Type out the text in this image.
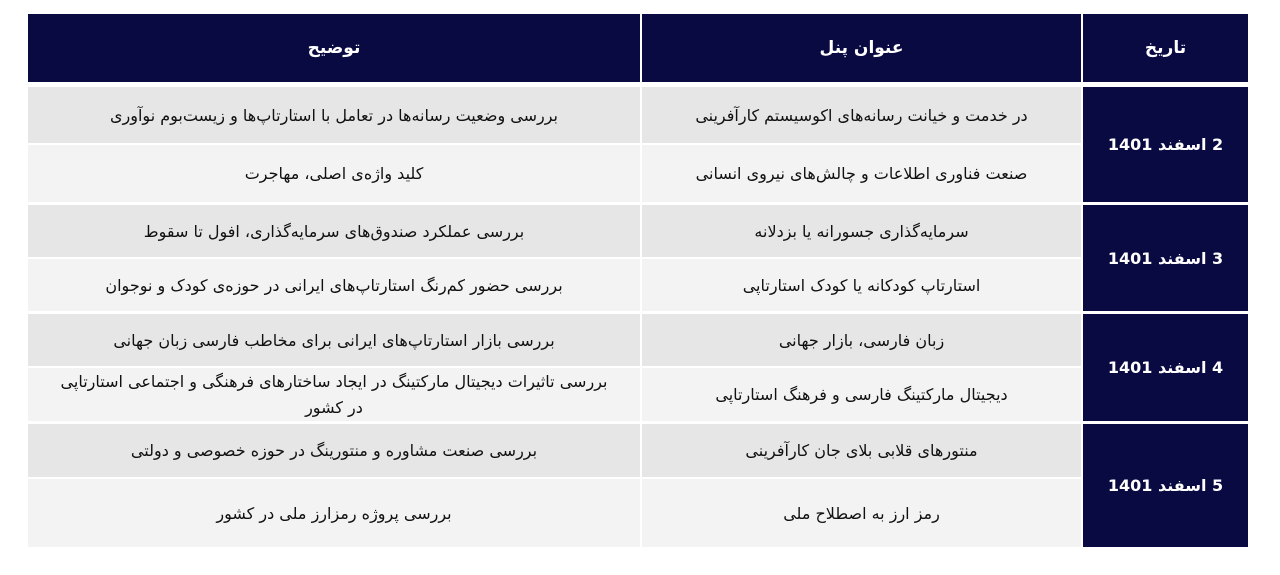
تاریخ
عنوان پنل
توضیح
2 اسفند 1401
در خدمت و خیانت رسانه‌های اکوسیستم کارآفرینی
بررسی وضعیت رسانه‌ها در تعامل با استارتاپ‌ها و زیست‌بوم نوآوری
صنعت فناوری اطلاعات و چالش‌های نیروی انسانی
کلید واژه‌ی اصلی، مهاجرت
3 اسفند 1401
سرمایه‌گذاری جسورانه یا بزدلانه
بررسی عملکرد صندوق‌های سرمایه‌گذاری، افول تا سقوط
استارتاپ کودکانه یا کودک استارتاپی
بررسی حضور کم‌رنگ استارتاپ‌های ایرانی در حوزه‌ی کودک و نوجوان
4 اسفند 1401
زبان فارسی، بازار جهانی
بررسی بازار استارتاپ‌های ایرانی برای مخاطب فارسی زبان جهانی
دیجیتال مارکتینگ فارسی و فرهنگ استارتاپی
بررسی تاثیرات دیجیتال مارکتینگ در ایجاد ساختارهای فرهنگی و اجتماعی استارتاپی در کشور
5 اسفند 1401
منتورهای قلابی بلای جان کارآفرینی
بررسی صنعت مشاوره و منتورینگ در حوزه خصوصی و دولتی
رمز ارز به اصطلاح ملی
بررسی پروژه رمزارز ملی در کشور
